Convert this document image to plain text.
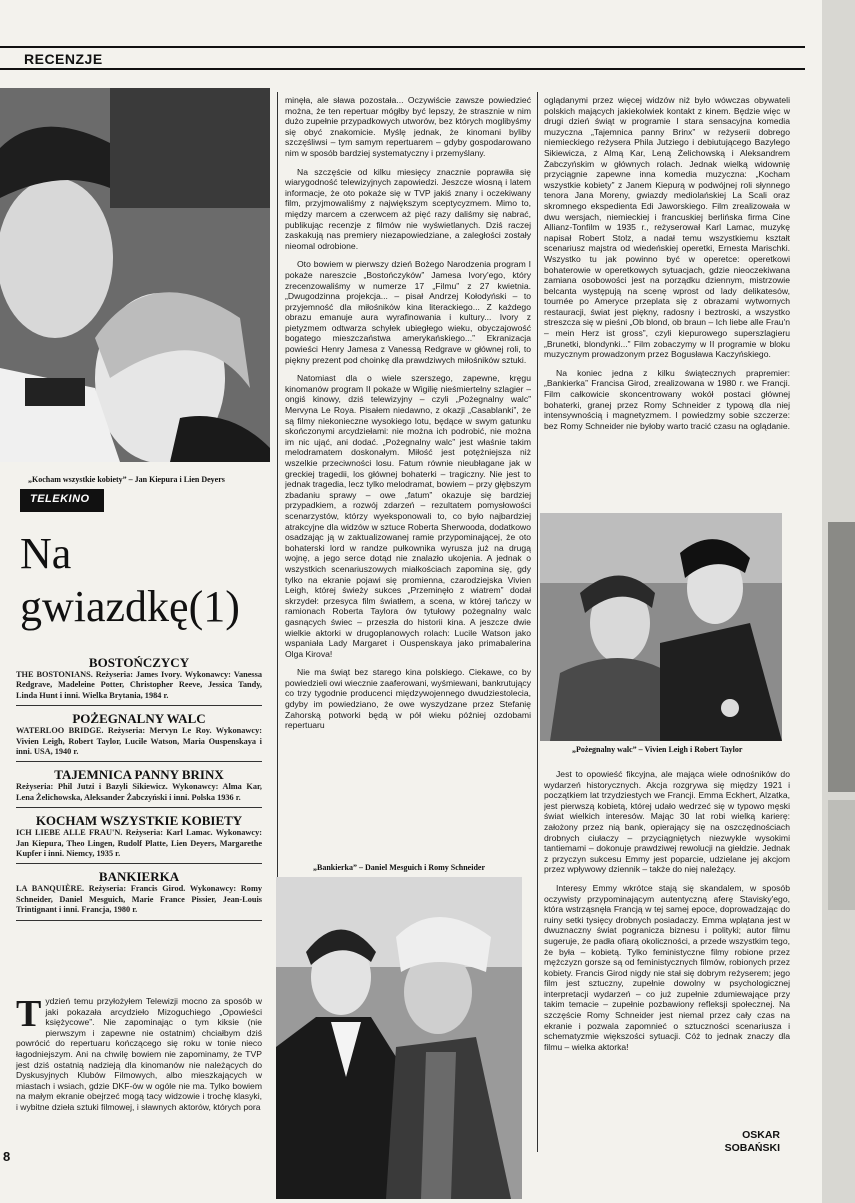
RECENZJE
„Kocham wszystkie kobiety” – Jan Kiepura i Lien Deyers
TELEKINO
Na
gwiazdkę(1)
BOSTOŃCZYCY
THE BOSTONIANS. Reżyseria: James Ivory. Wykonawcy: Vanessa Redgrave, Madeleine Potter, Christopher Reeve, Jessica Tandy, Linda Hunt i inni. Wielka Brytania, 1984 r.
POŻEGNALNY WALC
WATERLOO BRIDGE. Reżyseria: Mervyn Le Roy. Wykonawcy: Vivien Leigh, Robert Taylor, Lucile Watson, Maria Ouspenskaya i inni. USA, 1940 r.
TAJEMNICA PANNY BRINX
Reżyseria: Phil Jutzi i Bazyli Sikiewicz. Wykonawcy: Alma Kar, Lena Żelichowska, Aleksander Żabczyński i inni. Polska 1936 r.
KOCHAM WSZYSTKIE KOBIETY
ICH LIEBE ALLE FRAU'N. Reżyseria: Karl Lamac. Wykonawcy: Jan Kiepura, Theo Lingen, Rudolf Platte, Lien Deyers, Margarethe Kupfer i inni. Niemcy, 1935 r.
BANKIERKA
LA BANQUIÈRE. Reżyseria: Francis Girod. Wykonawcy: Romy Schneider, Daniel Mesguich, Marie France Pissier, Jean-Louis Trintignant i inni. Francja, 1980 r.

Tydzień temu przyłożyłem Telewizji mocno za sposób w jaki pokazała arcydzieło Mizoguchiego „Opowieści księżycowe”. Nie zapominając o tym kiksie (nie pierwszym i zapewne nie ostatnim) chciałbym dziś powrócić do repertuaru kończącego się roku w tonie nieco łagodniejszym. Ani na chwilę bowiem nie zapominamy, że TVP jest dziś ostatnią nadzieją dla kinomanów nie należących do Dyskusyjnych Klubów Filmowych, albo mieszkających w miastach i wsiach, gdzie DKF-ów w ogóle nie ma. Tylko bowiem na małym ekranie obejrzeć mogą tacy widzowie i trochę klasyki, i wybitne dzieła sztuki filmowej, i sławnych aktorów, których pora

minęła, ale sława pozostała... Oczywiście zawsze powiedzieć można, że ten repertuar mógłby być lepszy, że strasznie w nim dużo zupełnie przypadkowych utworów, bez których moglibyśmy się obyć znakomicie. Myślę jednak, że kinomani byliby szczęśliwsi – tym samym repertuarem – gdyby gospodarowano nim w sposób bardziej systematyczny i przemyślany.

Na szczęście od kilku miesięcy znacznie poprawiła się wiarygodność telewizyjnych zapowiedzi. Jeszcze wiosną i latem informacje, że oto pokaże się w TVP jakiś znany i oczekiwany film, przyjmowaliśmy z największym sceptycyzmem. Mimo to, między marcem a czerwcem aż pięć razy daliśmy się nabrać, publikując recenzje z filmów nie wyświetlanych. Dziś raczej zaskakują nas premiery niezapowiedziane, a zaległości zostały nieomal odrobione.

Oto bowiem w pierwszy dzień Bożego Narodzenia program I pokaże nareszcie „Bostończyków” Jamesa Ivory'ego, który zrecenzowaliśmy w numerze 17 „Filmu” z 27 kwietnia. „Dwugodzinna projekcja... – pisał Andrzej Kołodyński – to przyjemność dla miłośników kina literackiego... Z każdego obrazu emanuje aura wyrafinowania i kultury... Ivory z pietyzmem odtwarza schyłek ubiegłego wieku, obyczajowość bogatego mieszczaństwa amerykańskiego...” Ekranizacja powieści Henry Jamesa z Vanessą Redgrave w głównej roli, to piękny prezent pod choinkę dla prawdziwych miłośników sztuki.

Natomiast dla o wiele szerszego, zapewne, kręgu kinomanów program II pokaże w Wigilię nieśmiertelny szlagier – ongiś kinowy, dziś telewizyjny – czyli „Pożegnalny walc” Mervyna Le Roya. Pisałem niedawno, z okazji „Casablanki”, że są filmy niekonieczne wysokiego lotu, będące w swym gatunku skończonymi arcydziełami: nie można ich podrobić, nie można im nic ująć, ani dodać. „Pożegnalny walc” jest właśnie takim melodramatem doskonałym. Miłość jest potężniejsza niż wszelkie przeciwności losu. Fatum równie nieubłagane jak w greckiej tragedii, los głównej bohaterki – tragiczny. Nie jest to jednak tragedia, lecz tylko melodramat, bowiem – przy głębszym zbadaniu sprawy – owe „fatum” okazuje się bardziej przypadkiem, a rozwój zdarzeń – rezultatem pomysłowości scenarzystów, którzy wyeksponowali to, co było najbardziej atrakcyjne dla widzów w sztuce Roberta Sherwooda, dodatkowo osadzając ją w zaktualizowanej ramie przypominającej, że oto bohaterski lord w randze pułkownika wyrusza już na drugą wojnę, a jego serce dotąd nie znalazło ukojenia. A jednak o wszystkich scenariuszowych miałkościach zapomina się, gdy tylko na ekranie pojawi się promienna, czarodziejska Vivien Leigh, której świeży sukces „Przeminęło z wiatrem” dodał skrzydeł: przesyca film światłem, a scena, w której tańczy w ramionach Roberta Taylora ów tytułowy pożegnalny walc gasnących świec – przeszła do historii kina. A jeszcze dwie wielkie aktorki w drugoplanowych rolach: Lucile Watson jako wspaniała Lady Margaret i Ouspenskaya jako primabalerina Olga Kirova!

Nie ma świąt bez starego kina polskiego. Ciekawe, co by powiedzieli owi wiecznie zaaferowani, wyśmiewani, bankrutujący co trzy tygodnie producenci międzywojennego dwudziestolecia, gdyby im powiedziano, że owe wyszydzane przez Stefanię Zahorską potworki będą w pół wieku później ozdobami repertuaru

„Bankierka” – Daniel Mesguich i Romy Schneider

oglądanymi przez więcej widzów niż było wówczas obywateli polskich mających jakiekolwiek kontakt z kinem. Będzie więc w drugi dzień świąt w programie I stara sensacyjna komedia muzyczna „Tajemnica panny Brinx” w reżyserii dobrego niemieckiego reżysera Phila Jutziego i debiutującego Bazylego Sikiewicza, z Almą Kar, Leną Żelichowską i Aleksandrem Żabczyńskim w głównych rolach. Jednak wielką widownię przyciągnie zapewne inna komedia muzyczna: „Kocham wszystkie kobiety” z Janem Kiepurą w podwójnej roli słynnego tenora Jana Moreny, gwiazdy mediolańskiej La Scali oraz skromnego ekspedienta Edi Jaworskiego. Film zrealizowała w dwu wersjach, niemieckiej i francuskiej berlińska firma Cine Allianz-Tonfilm w 1935 r., reżyserował Karl Lamac, muzykę napisał Robert Stolz, a nadał temu wszystkiemu kształt scenariusz majstra od wiedeńskiej operetki, Ernesta Marischki. Wszystko tu jak powinno być w operetce: operetkowi bohaterowie w operetkowych sytuacjach, gdzie nieoczekiwana zamiana osobowości jest na porządku dziennym, mistrzowie belcanta występują na scenę wprost od lady delikatesów, tournée po Ameryce przeplata się z obrazami wytwornych restauracji, świat jest piękny, radosny i beztroski, a wszystko streszcza się w pieśni „Ob blond, ob braun – Ich liebe alle Frau'n – mein Herz ist gross”, czyli kiepurowego superszlagieru „Brunetki, blondynki...” Film zobaczymy w II programie w bloku muzycznym prowadzonym przez Bogusława Kaczyńskiego.

Na koniec jedna z kilku świątecznych prapremier: „Bankierka” Francisa Girod, zrealizowana w 1980 r. we Francji. Film całkowicie skoncentrowany wokół postaci głównej bohaterki, granej przez Romy Schneider z typową dla niej intensywnością i magnetyzmem. I powiedzmy sobie szczerze: bez Romy Schneider nie byłoby warto tracić czasu na oglądanie.

„Pożegnalny walc” – Vivien Leigh i Robert Taylor

Jest to opowieść fikcyjna, ale mająca wiele odnośników do wydarzeń historycznych. Akcja rozgrywa się między 1921 i początkiem lat trzydziestych we Francji. Emma Eckhert, Alzatka, jest pierwszą kobietą, której udało wedrzeć się w typowo męski świat wielkich interesów. Mając 30 lat robi wielką karierę: założony przez nią bank, opierający się na oszczędnościach drobnych ciułaczy – przyciągniętych niezwykle wysokimi tantiemami – dokonuje prawdziwej rewolucji na giełdzie. Jednak z przyczyn sukcesu Emmy jest poparcie, udzielane jej akcjom przez wpływowy dziennik – także do niej należący.

Interesy Emmy wkrótce stają się skandalem, w sposób oczywisty przypominającym autentyczną aferę Stavisky'ego, która wstrząsnęła Francją w tej samej epoce, doprowadzając do ruiny setki tysięcy drobnych posiadaczy. Emma wplątana jest w dwuznaczny świat pogranicza biznesu i polityki; autor filmu sugeruje, że padła ofiarą okoliczności, a przede wszystkim tego, że była – kobietą. Tylko feministyczne filmy robione przez mężczyzn gorsze są od feministycznych filmów, robionych przez kobiety. Francis Girod nigdy nie stał się dobrym reżyserem; jego film jest sztuczny, zupełnie dowolny w psychologicznej interpretacji wydarzeń – co już zupełnie zdumiewające przy takim temacie – zupełnie pozbawiony refleksji społecznej. Na szczęście Romy Schneider jest niemal przez cały czas na ekranie i pozwala zapomnieć o sztuczności scenariusza i schematyzmie większości sytuacji. Cóż to jednak znaczy dla filmu – wielka aktorka!

OSKAR
SOBAŃSKI
8
